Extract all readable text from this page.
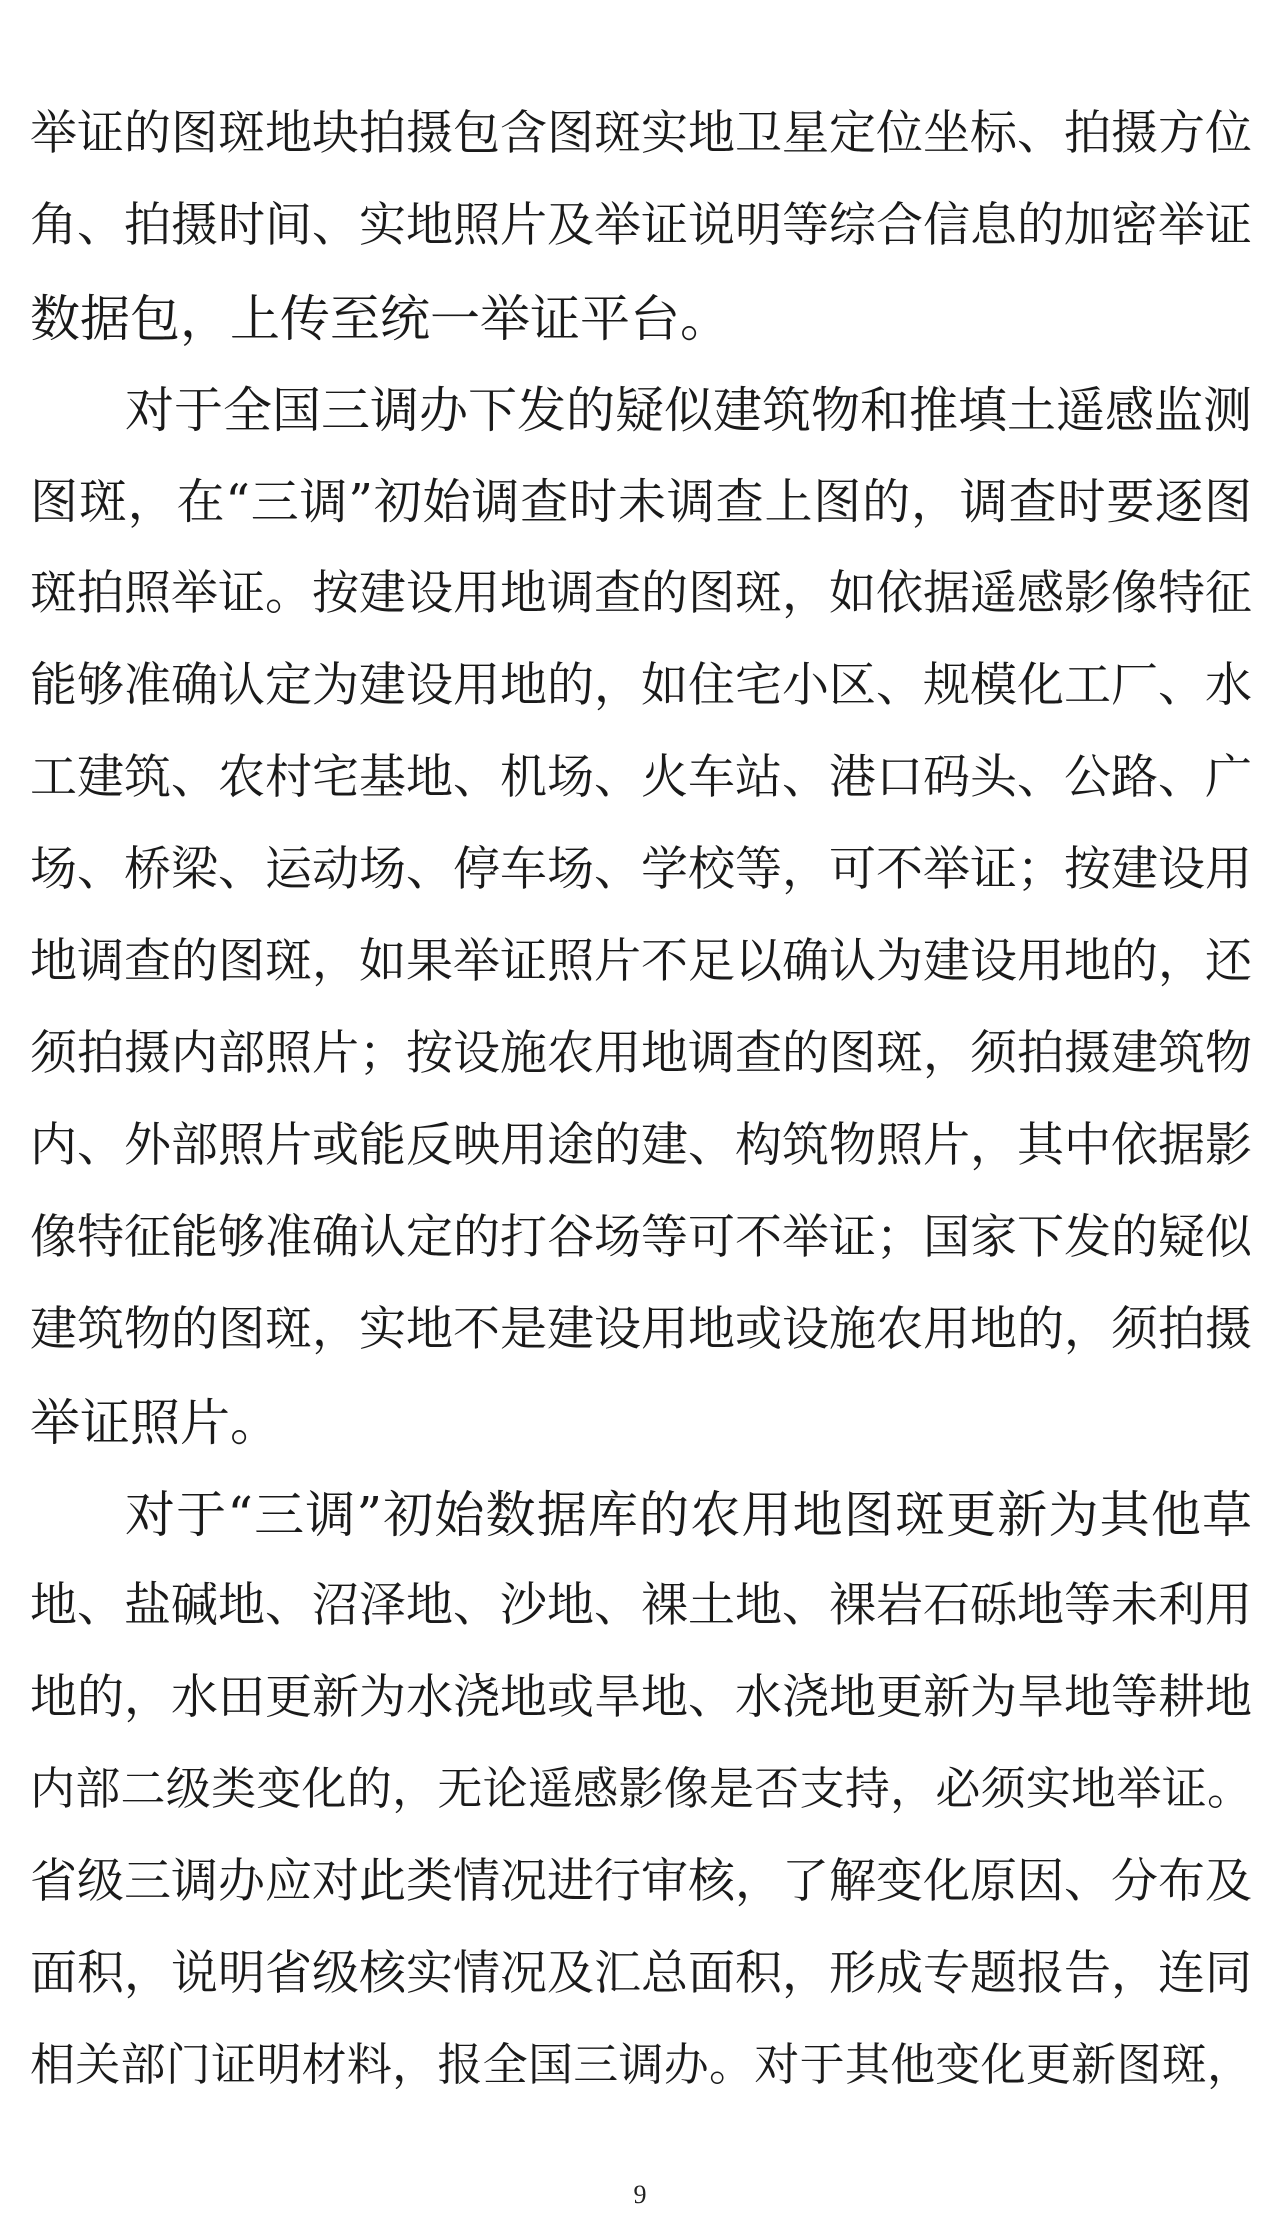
举证的图斑地块拍摄包含图斑实地卫星定位坐标、拍摄方位
角、拍摄时间、实地照片及举证说明等综合信息的加密举证
数据包，上传至统一举证平台。
对于全国三调办下发的疑似建筑物和推填土遥感监测
图斑，在“三调”初始调查时未调查上图的，调查时要逐图
斑拍照举证。按建设用地调查的图斑，如依据遥感影像特征
能够准确认定为建设用地的，如住宅小区、规模化工厂、水
工建筑、农村宅基地、机场、火车站、港口码头、公路、广
场、桥梁、运动场、停车场、学校等，可不举证；按建设用
地调查的图斑，如果举证照片不足以确认为建设用地的，还
须拍摄内部照片；按设施农用地调查的图斑，须拍摄建筑物
内、外部照片或能反映用途的建、构筑物照片，其中依据影
像特征能够准确认定的打谷场等可不举证；国家下发的疑似
建筑物的图斑，实地不是建设用地或设施农用地的，须拍摄
举证照片。
对于“三调”初始数据库的农用地图斑更新为其他草
地、盐碱地、沼泽地、沙地、裸土地、裸岩石砾地等未利用
地的，水田更新为水浇地或旱地、水浇地更新为旱地等耕地
内部二级类变化的，无论遥感影像是否支持，必须实地举证。
省级三调办应对此类情况进行审核，了解变化原因、分布及
面积，说明省级核实情况及汇总面积，形成专题报告，连同
相关部门证明材料，报全国三调办。对于其他变化更新图斑，
9
